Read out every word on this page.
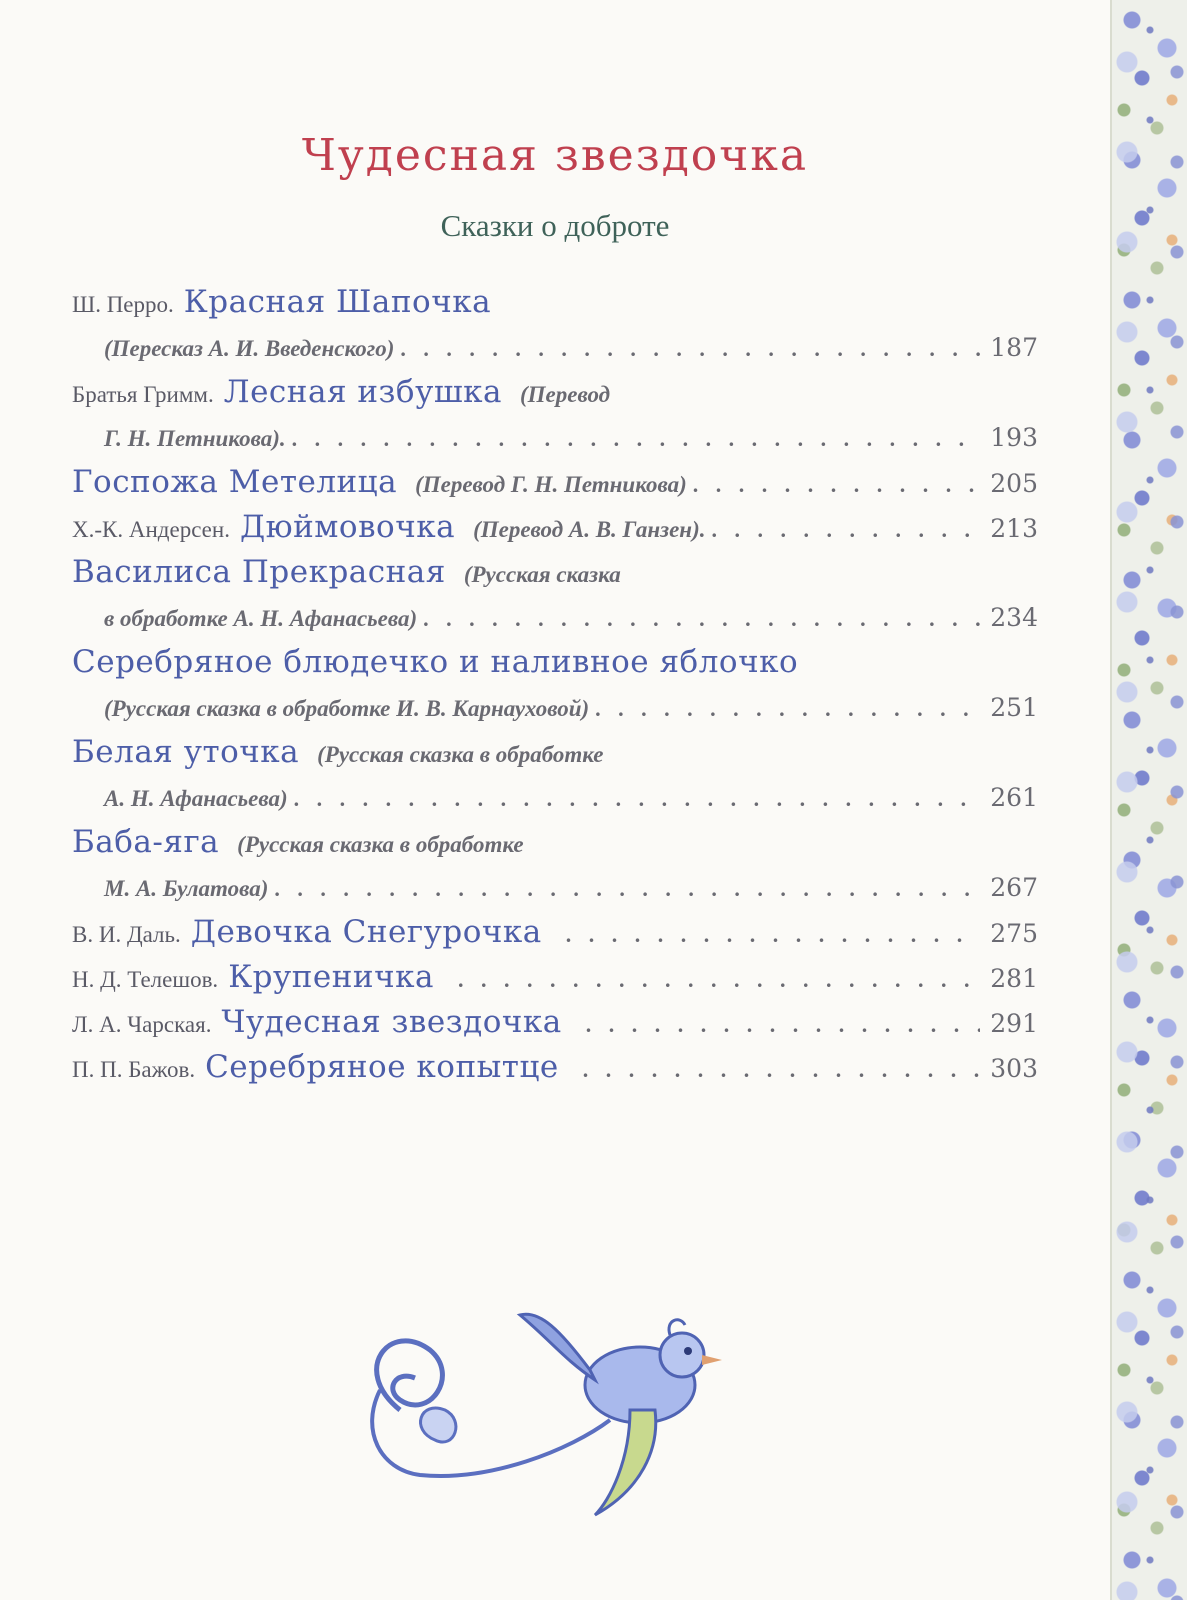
Чудесная звездочка
Сказки о доброте
Ш. Перро. Красная Шапочка
(Пересказ А. И. Введенского) . . .	187
Братья Гримм. Лесная избушка (Перевод
Г. Н. Петникова). . . .	193
Госпожа Метелица (Перевод Г. Н. Петникова) . . .	205
Х.-К. Андерсен. Дюймовочка (Перевод А. В. Ганзен). . . .	213
Василиса Прекрасная (Русская сказка
в обработке А. Н. Афанасьева) . . .	234
Серебряное блюдечко и наливное яблочко
(Русская сказка в обработке И. В. Карнауховой) . . .	251
Белая уточка (Русская сказка в обработке
А. Н. Афанасьева) . . .	261
Баба-яга (Русская сказка в обработке
М. А. Булатова) . . .	267
В. И. Даль. Девочка Снегурочка . . .	275
Н. Д. Телешов. Крупеничка . . .	281
Л. А. Чарская. Чудесная звездочка . . .	291
П. П. Бажов. Серебряное копытце . . .	303
